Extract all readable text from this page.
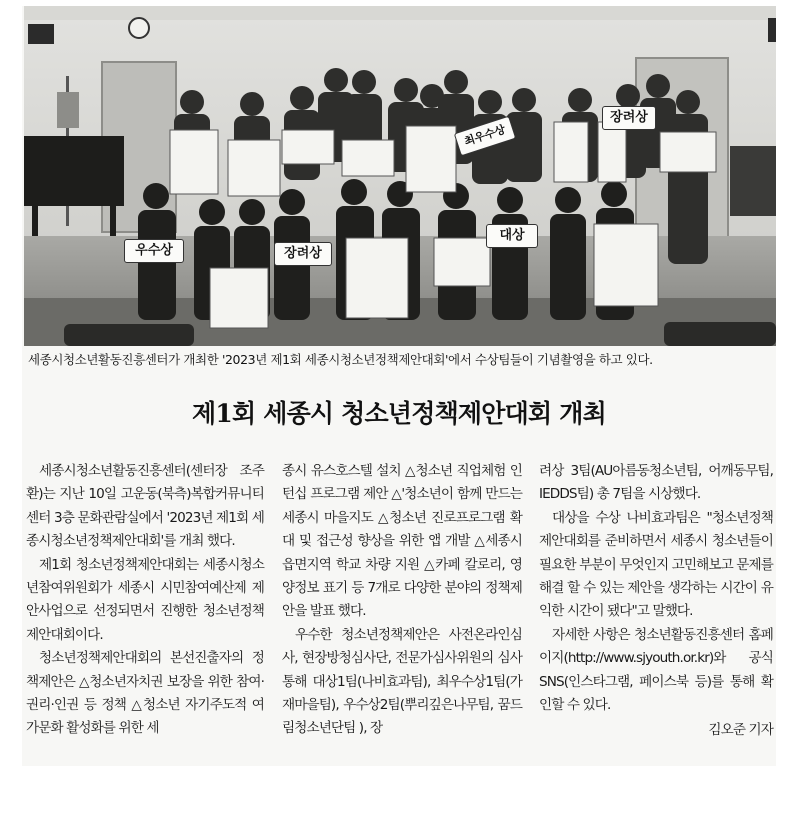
우수상	장려상
대상
최우수상
장려상
세종시청소년활동진흥센터가 개최한 '2023년 제1회 세종시청소년정책제안대회'에서 수상팀들이 기념촬영을 하고 있다.
제1회 세종시 청소년정책제안대회 개최

세종시청소년활동진흥센터(센터장 조주환)는 지난 10일 고운동(북측)복합커뮤니티센터 3층 문화관람실에서 '2023년 제1회 세종시청소년정책제안대회'를 개최 했다.

제1회 청소년정책제안대회는 세종시청소년참여위원회가 세종시 시민참여예산제 제안사업으로 선정되면서 진행한 청소년정책제안대회이다.

청소년정책제안대회의 본선진출자의 정책제안은 △청소년자치권 보장을 위한 참여·권리·인권 등 정책 △청소년 자기주도적 여가문화 활성화를 위한 세

종시 유스호스텔 설치 △청소년 직업체험 인턴십 프로그램 제안 △'청소년이 함께 만드는 세종시 마을지도 △청소년 진로프로그램 확대 및 접근성 향상을 위한 앱 개발 △세종시 읍면지역 학교 차량 지원 △카페 칼로리, 영양정보 표기 등 7개로 다양한 분야의 정책제안을 발표 했다.

우수한 청소년정책제안은 사전온라인심사, 현장방청심사단, 전문가심사위원의 심사 통해 대상1팀(나비효과팀), 최우수상1팀(가재마을팀), 우수상2팀(뿌리깊은나무팀, 꿈드림청소년단팀 ), 장

려상 3팀(AU아름동청소년팀, 어깨동무팀, IEDDS팀) 총 7팀을 시상했다.

대상을 수상 나비효과팀은 "청소년정책제안대회를 준비하면서 세종시 청소년들이 필요한 부분이 무엇인지 고민해보고 문제를 해결 할 수 있는 제안을 생각하는 시간이 유익한 시간이 됐다"고 말했다.

자세한 사항은 청소년활동진흥센터 홈페이지(http://www.sjyouth.or.kr)와 공식SNS(인스타그램, 페이스북 등)를 통해 확인할 수 있다.

김오준 기자
